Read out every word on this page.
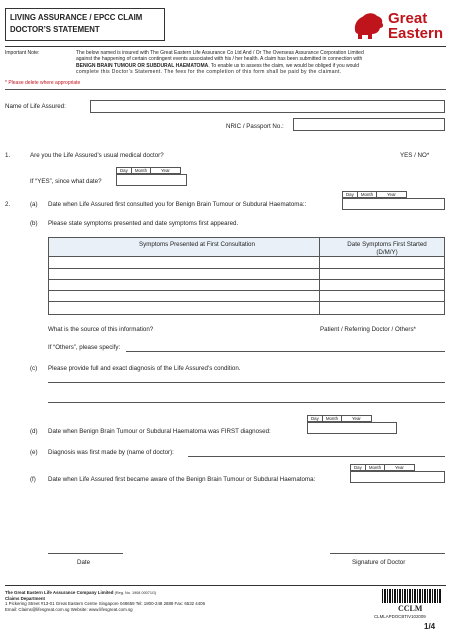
LIVING ASSURANCE / EPCC CLAIM
DOCTOR’S STATEMENT
Great
Eastern
Important Note:	The below named is insured with The Great Eastern Life Assurance Co Ltd And / Or The Overseas Assurance Corporation Limited
against the happening of certain contingent events associated with his / her health. A claim has been submitted in connection with
BENIGN BRAIN TUMOUR OR SUBDURAL HAEMATOMA. To enable us to assess the claim, we would be obliged if you would
complete this Doctor’s Statement. The fees for the completion of this form shall be paid by the claimant.
* Please delete where appropriate
Name of Life Assured:
NRIC / Passport No.:
1.	Are you the Life Assured’s usual medical doctor?	YES / NO*
Day	Month	Year
If “YES”, since what date?
Day	Month	Year
2.	(a) Date when Life Assured first consulted you for Benign Brain Tumour or Subdural Haematoma::
(b) Please state symptoms presented and date symptoms first appeared.
Symptoms Presented at First Consultation	Date Symptoms First Started
(D/M/Y)
What is the source of this information?	Patient / Referring Doctor / Others*
If “Others”, please specify:
(c) Please provide full and exact diagnosis of the Life Assured’s condition.
Day	Month	Year
(d) Date when Benign Brain Tumour or Subdural Haematoma was FIRST diagnosed:
(e) Diagnosis was first made by (name of doctor):
Day	Month	Year
(f) Date when Life Assured first became aware of the Benign Brain Tumour or Subdural Haematoma:
Date	Signature of Doctor
The Great Eastern Life Assurance Company Limited (Reg. No. 1908 00071G)
Claims Department
1 Pickering Street #13-01 Great Eastern Centre Singapore 048659 Tel: 1800-248 2888 Fax: 6532 4406
Email: Claims@lifesgreat.com.sg Website: www.lifesgreat.com.sg	CCLM
CLMLAPDOCBTIV102009
1/4
